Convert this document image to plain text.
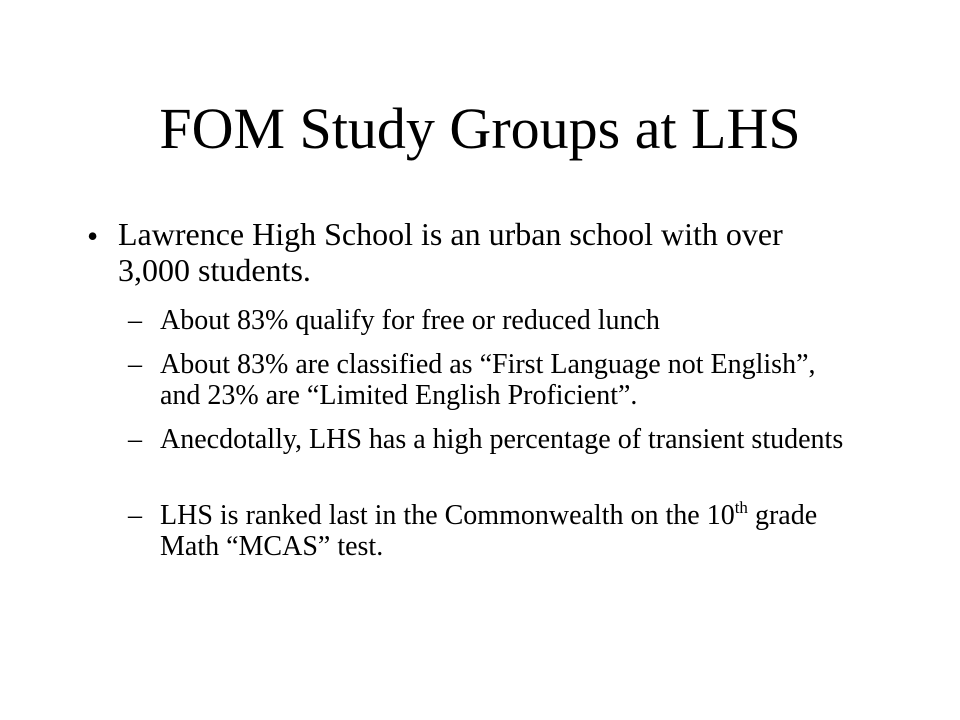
FOM Study Groups at LHS
• Lawrence High School is an urban school with over 3,000 students.
– About 83% qualify for free or reduced lunch
– About 83% are classified as “First Language not English”, and 23% are “Limited English Proficient”.
– Anecdotally, LHS has a high percentage of transient students
– LHS is ranked last in the Commonwealth on the 10th grade Math “MCAS” test.
